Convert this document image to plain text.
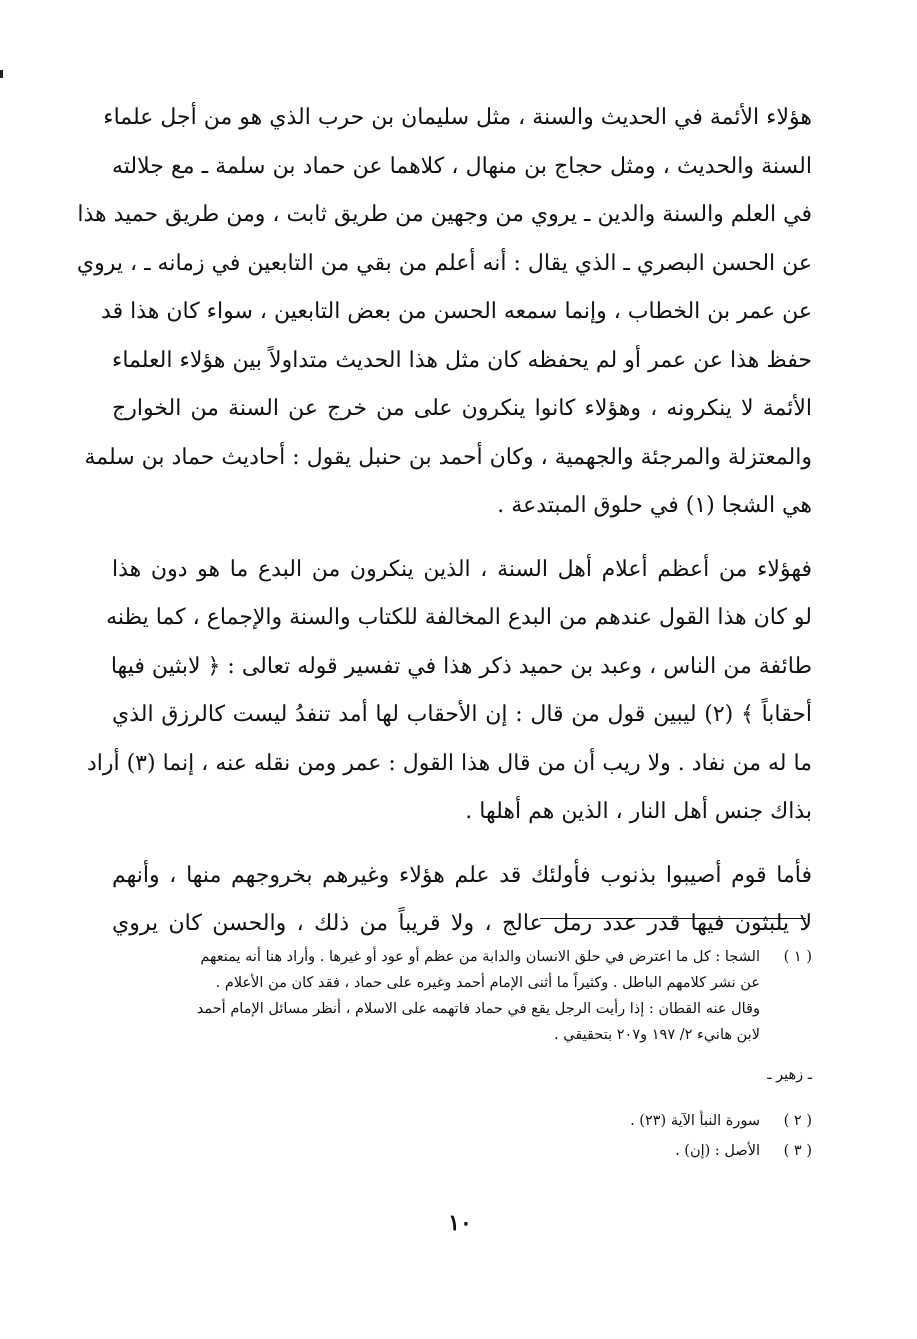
هؤلاء الأئمة في الحديث والسنة ، مثل سليمان بن حرب الذي هو من أجل علماء
السنة والحديث ، ومثل حجاج بن منهال ، كلاهما عن حماد بن سلمة ـ مع جلالته
في العلم والسنة والدين ـ يروي من وجهين من طريق ثابت ، ومن طريق حميد هذا
عن الحسن البصري ـ الذي يقال : أنه أعلم من بقي من التابعين في زمانه ـ ، يروي
عن عمر بن الخطاب ، وإنما سمعه الحسن من بعض التابعين ، سواء كان هذا قد
حفظ هذا عن عمر أو لم يحفظه كان مثل هذا الحديث متداولاً بين هؤلاء العلماء
الأئمة لا ينكرونه ، وهؤلاء كانوا ينكرون على من خرج عن السنة من الخوارج
والمعتزلة والمرجئة والجهمية ، وكان أحمد بن حنبل يقول : أحاديث حماد بن سلمة
هي الشجا (١) في حلوق المبتدعة .

فهؤلاء من أعظم أعلام أهل السنة ، الذين ينكرون من البدع ما هو دون هذا
لو كان هذا القول عندهم من البدع المخالفة للكتاب والسنة والإجماع ، كما يظنه
طائفة من الناس ، وعبد بن حميد ذكر هذا في تفسير قوله تعالى : ﴿ لابثين فيها
أحقاباً ﴾ (٢) ليبين قول من قال : إن الأحقاب لها أمد تنفدُ ليست كالرزق الذي
ما له من نفاد . ولا ريب أن من قال هذا القول : عمر ومن نقله عنه ، إنما (٣) أراد
بذاك جنس أهل النار ، الذين هم أهلها .

فأما قوم أصيبوا بذنوب فأولئك قد علم هؤلاء وغيرهم بخروجهم منها ، وأنهم
لا يلبثون فيها قدر عدد رمل عالج ، ولا قريباً من ذلك ، والحسن كان يروي

( ١ )
الشجا : كل ما اعترض في حلق الانسان والدابة من عظم أو عود أو غيرها . وأراد هنا أنه يمنعهم
عن نشر كلامهم الباطل . وكثيراً ما أثنى الإمام أحمد وغيره على حماد ، فقد كان من الأعلام .
وقال عنه القطان : إذا رأيت الرجل يقع في حماد فاتهمه على الاسلام ، أنظر مسائل الإمام أحمد
لابن هانيء ٢/ ١٩٧ و٢٠٧ بتحقيقي .
ـ زهير ـ
( ٢ )
سورة النبأ الآية (٢٣) .
( ٣ )
الأصل : (إن) .
١٠
